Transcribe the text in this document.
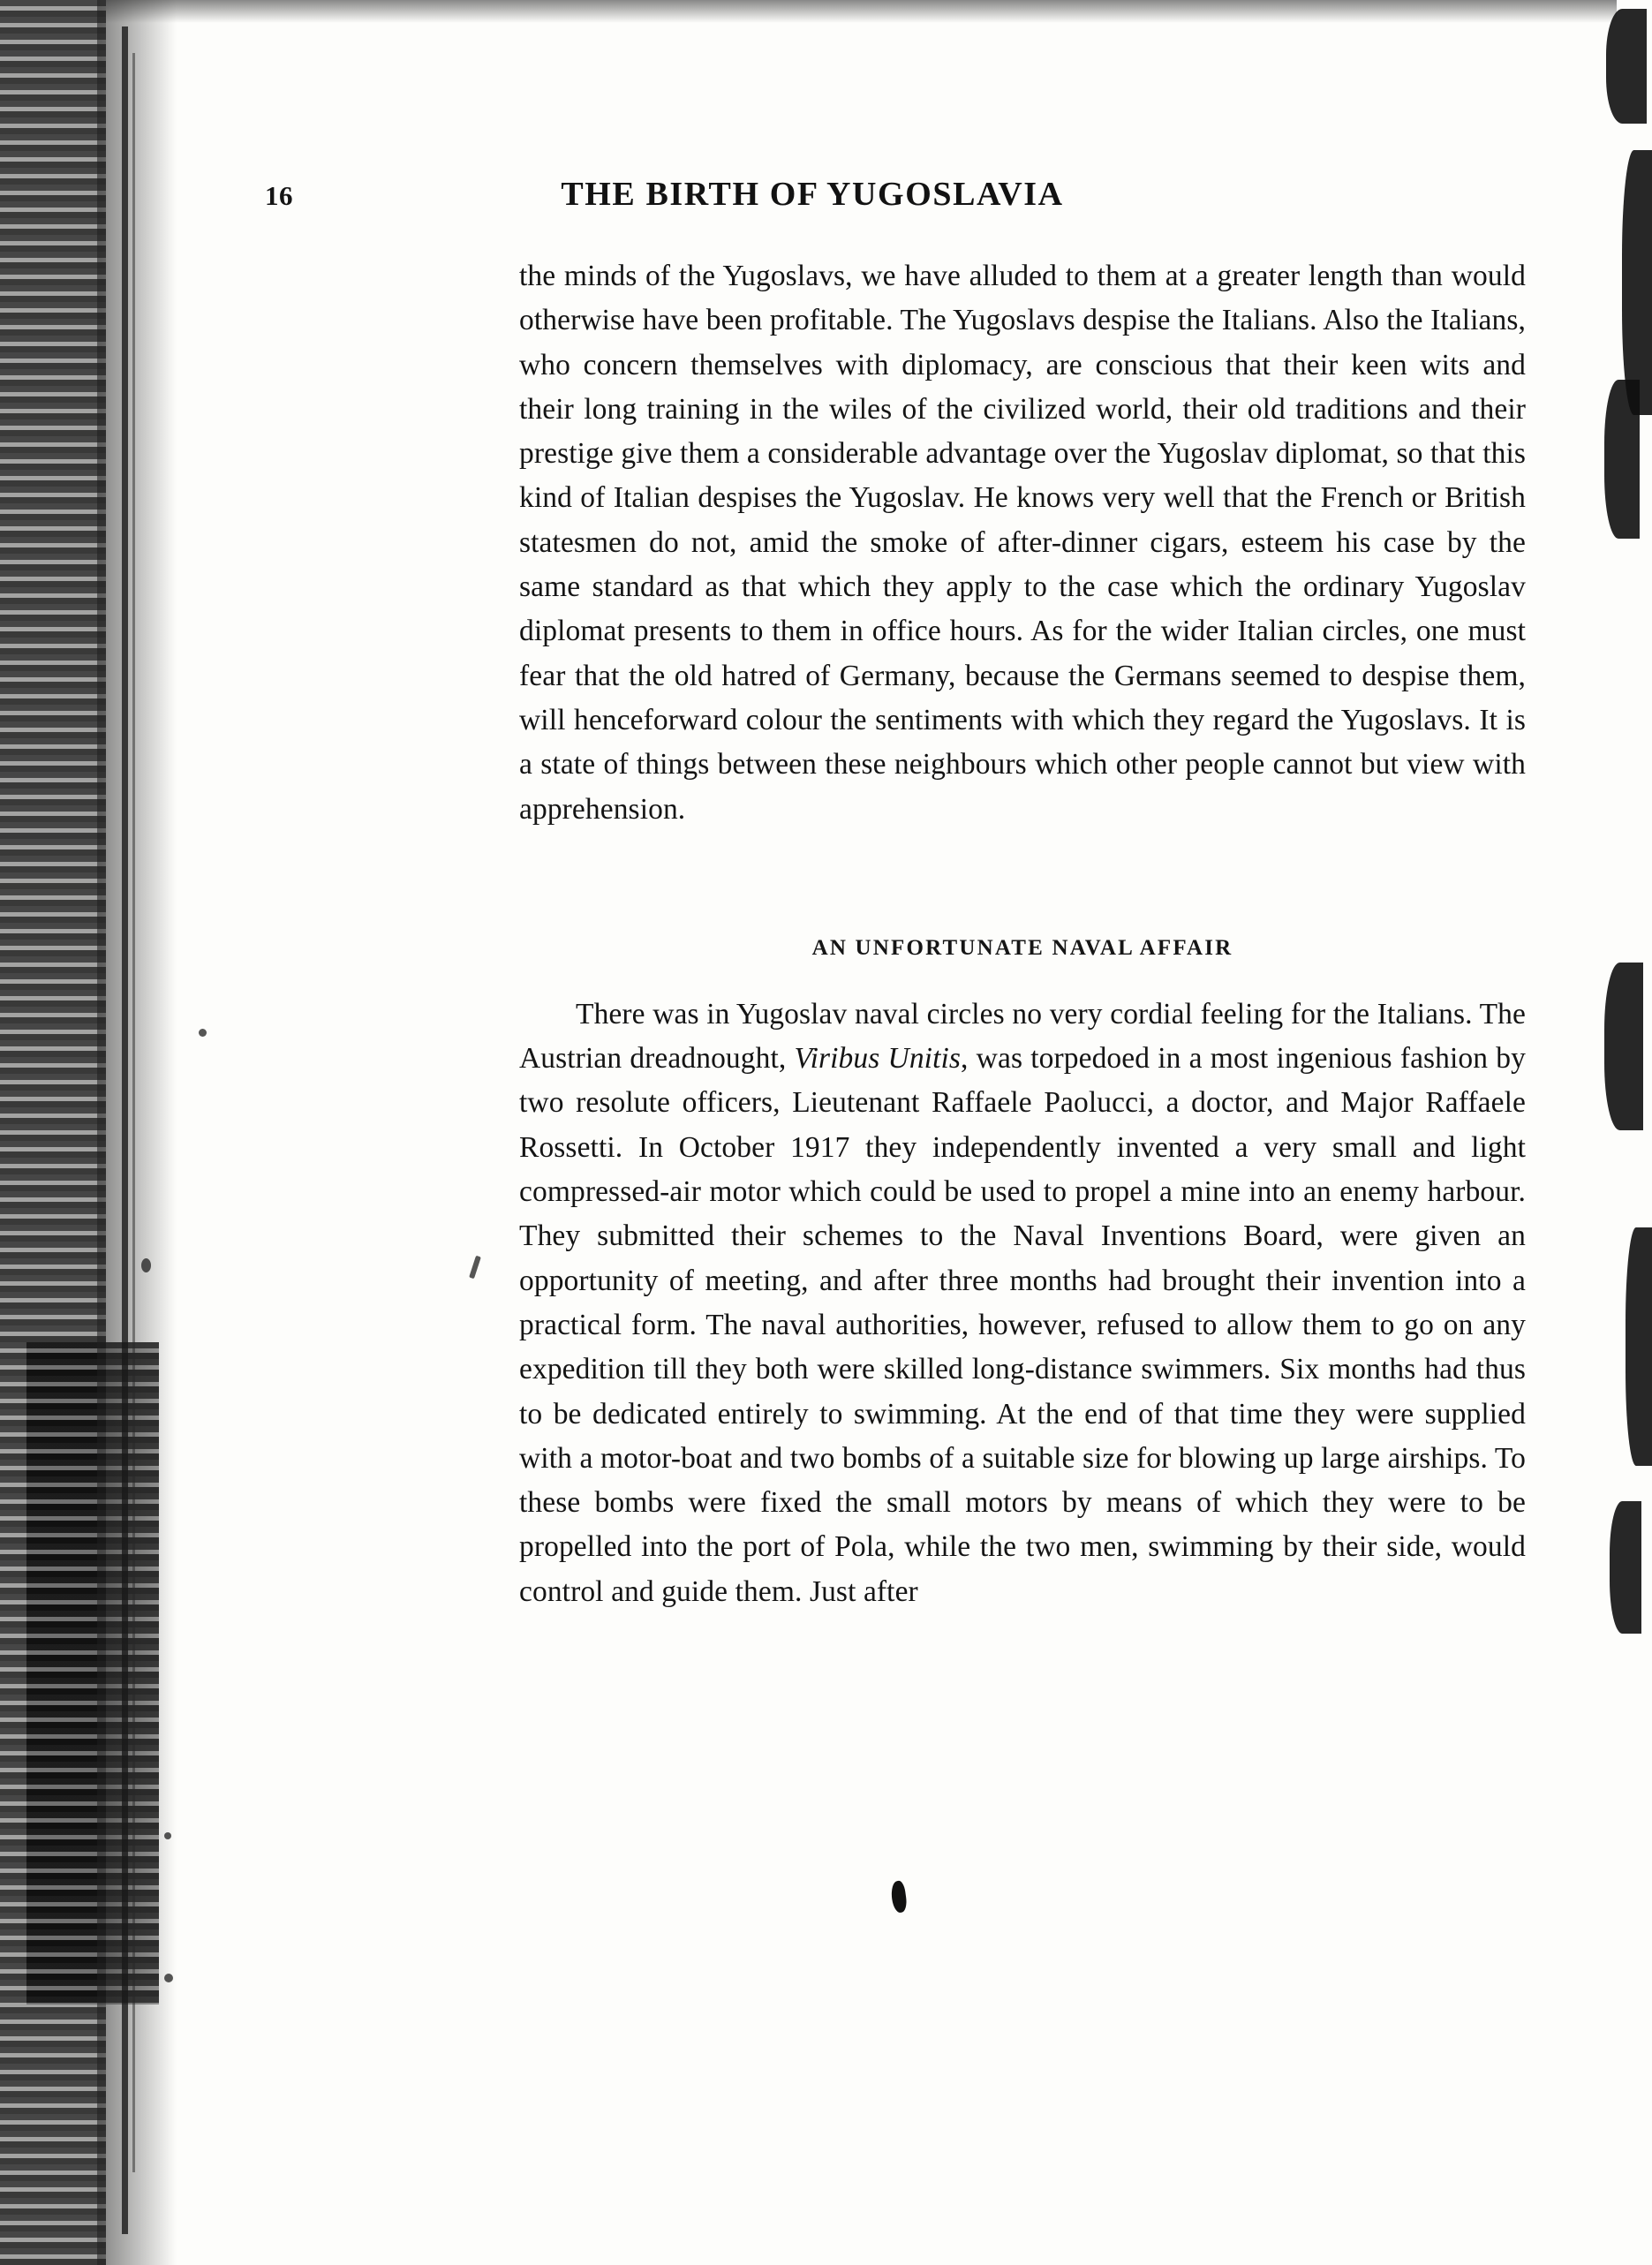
16	THE BIRTH OF YUGOSLAVIA

the minds of the Yugoslavs, we have alluded to them at a greater length than would otherwise have been profitable. The Yugoslavs despise the Italians. Also the Italians, who concern themselves with diplomacy, are conscious that their keen wits and their long training in the wiles of the civilized world, their old traditions and their prestige give them a considerable advantage over the Yugoslav diplomat, so that this kind of Italian despises the Yugoslav. He knows very well that the French or British statesmen do not, amid the smoke of after-dinner cigars, esteem his case by the same standard as that which they apply to the case which the ordinary Yugoslav diplomat presents to them in office hours. As for the wider Italian circles, one must fear that the old hatred of Germany, because the Germans seemed to despise them, will henceforward colour the sentiments with which they regard the Yugoslavs. It is a state of things between these neighbours which other people cannot but view with apprehension.

AN UNFORTUNATE NAVAL AFFAIR

There was in Yugoslav naval circles no very cordial feeling for the Italians. The Austrian dreadnought, Viribus Unitis, was torpedoed in a most ingenious fashion by two resolute officers, Lieutenant Raffaele Paolucci, a doctor, and Major Raffaele Rossetti. In October 1917 they independently invented a very small and light compressed-air motor which could be used to propel a mine into an enemy harbour. They submitted their schemes to the Naval Inventions Board, were given an opportunity of meeting, and after three months had brought their invention into a practical form. The naval authorities, however, refused to allow them to go on any expedition till they both were skilled long-distance swimmers. Six months had thus to be dedicated entirely to swimming. At the end of that time they were supplied with a motor-boat and two bombs of a suitable size for blowing up large airships. To these bombs were fixed the small motors by means of which they were to be propelled into the port of Pola, while the two men, swimming by their side, would control and guide them. Just after
